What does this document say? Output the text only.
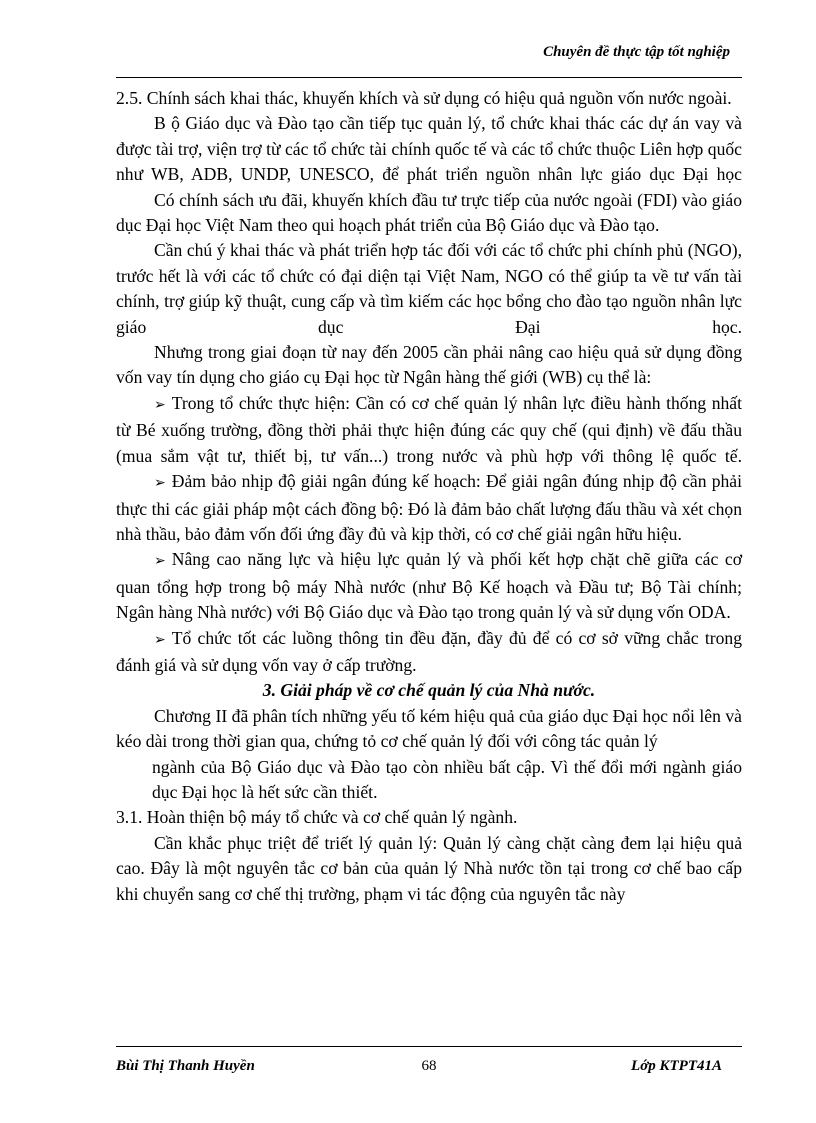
Chuyên đề thực tập tốt nghiệp

2.5. Chính sách khai thác, khuyến khích và sử dụng có hiệu quả nguồn vốn nước ngoài.

B ộ Giáo dục và Đào tạo cần tiếp tục quản lý, tổ chức khai thác các dự án vay và được tài trợ, viện trợ từ các tổ chức tài chính quốc tế và các tổ chức thuộc Liên hợp quốc như WB, ADB, UNDP, UNESCO, để phát triển nguồn nhân lực giáo dục Đại học

Có chính sách ưu đãi, khuyến khích đầu tư trực tiếp của nước ngoài (FDI) vào giáo dục Đại học Việt Nam theo qui hoạch phát triển của Bộ Giáo dục và Đào tạo.

Cần chú ý khai thác và phát triển hợp tác đối với các tổ chức phi chính phủ (NGO), trước hết là với các tổ chức có đại diện tại Việt Nam, NGO có thể giúp ta về tư vấn tài chính, trợ giúp kỹ thuật, cung cấp và tìm kiếm các học bổng cho đào tạo nguồn nhân lực giáo dục Đại học.

Nhưng trong giai đoạn từ nay đến 2005 cần phải nâng cao hiệu quả sử dụng đồng vốn vay tín dụng cho giáo cụ Đại học từ Ngân hàng thế giới (WB) cụ thể là:

➢ Trong tổ chức thực hiện: Cần có cơ chế quản lý nhân lực điều hành thống nhất từ Bé xuống trường, đồng thời phải thực hiện đúng các quy chế (qui định) về đấu thầu (mua sắm vật tư, thiết bị, tư vấn...) trong nước và phù hợp với thông lệ quốc tế.

➢ Đảm bảo nhịp độ giải ngân đúng kế hoạch: Để giải ngân đúng nhịp độ cần phải thực thi các giải pháp một cách đồng bộ: Đó là đảm bảo chất lượng đấu thầu và xét chọn nhà thầu, bảo đảm vốn đối ứng đầy đủ và kịp thời, có cơ chế giải ngân hữu hiệu.

➢ Nâng cao năng lực và hiệu lực quản lý và phối kết hợp chặt chẽ giữa các cơ quan tổng hợp trong bộ máy Nhà nước (như Bộ Kế hoạch và Đầu tư; Bộ Tài chính; Ngân hàng Nhà nước) với Bộ Giáo dục và Đào tạo trong quản lý và sử dụng vốn ODA.

➢ Tổ chức tốt các luồng thông tin đều đặn, đầy đủ để có cơ sở vững chắc trong đánh giá và sử dụng vốn vay ở cấp trường.

3. Giải pháp về cơ chế quản lý của Nhà nước.

Chương II đã phân tích những yếu tố kém hiệu quả của giáo dục Đại học nổi lên và kéo dài trong thời gian qua, chứng tỏ cơ chế quản lý đối với công tác quản lý

ngành của Bộ Giáo dục và Đào tạo còn nhiều bất cập. Vì thế đổi mới ngành giáo dục Đại học là hết sức cần thiết.

3.1. Hoàn thiện bộ máy tổ chức và cơ chế quản lý ngành.

Cần khắc phục triệt để triết lý quản lý: Quản lý càng chặt càng đem lại hiệu quả cao. Đây là một nguyên tắc cơ bản của quản lý Nhà nước tồn tại trong cơ chế bao cấp khi chuyển sang cơ chế thị trường, phạm vi tác động của nguyên tắc này

Bùi Thị Thanh Huyền	68	Lớp KTPT41A
